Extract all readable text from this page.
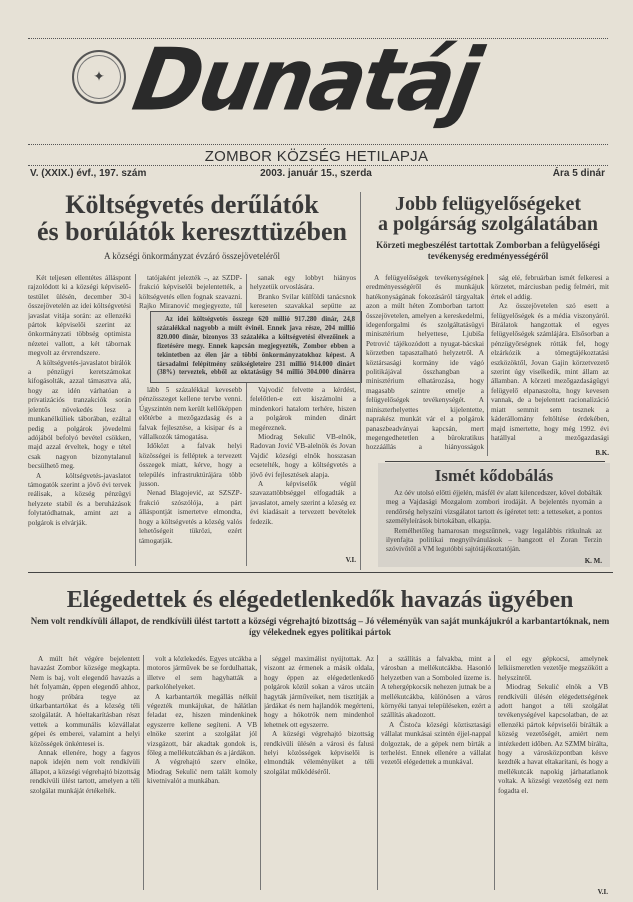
✦ Dunatáj
ZOMBOR KÖZSÉG HETILAPJA
V. (XXIX.) évf., 197. szám	2003. január 15., szerda	Ára 5 dinár
Költségvetés derűlátók
és borúlátók kereszttüzében
A községi önkormányzat évzáró összejöveteléről

Két teljesen ellentétes álláspont rajzolódott ki a községi képviselő-testület ülésén, december 30-i összejövetelén az idei költségvetési javaslat vitája során: az ellenzéki pártok képviselői szerint az önkormányzati többség optimista nézetei vallott, a két tábornak megvolt az érvrendszere.

A költségvetés-javaslatot bírálók a pénzügyi keretszámokat kifogásolták, azzal támasztva alá, hogy az idén várhatóan a privatizációs tranzakciók során jelentős növekedés lesz a munkanélküliek táborában, ezáltal pedig a polgárok jövedelmi adójából befolyó bevétel csökken, majd azzal érveltek, hogy e tétel csak nagyon bizonytalanul becsülhető meg.

A költségvetés-javaslatot támogatók szerint a jövő évi tervek reálisak, a község pénzügyi helyzete stabil és a beruházások folytatódhatnak, amint azt a polgárok is elvárják.

tatójaként jelezték –, az SZDP-frakció képviselői bejelentették, a költségvetés ellen fognak szavazni. Rajko Miranović megjegyezte, túl

lább 5 százalékkal kevesebb pénzösszeget kellene tervbe venni. Úgyszintén nem került kellőképpen előtérbe a mezőgazdaság és a falvak fejlesztése, a kisipar és a vállalkozók támogatása.

Időközt a falvak helyi közösségei is felléptek a tervezett összegek miatt, kérve, hogy a település infrastruktúrájára több jusson.

Nenad Blagojević, az SZSZP-frakció szószólója, a párt álláspontját ismertetve elmondta, hogy a költségvetés a község valós lehetőségeit tükrözi, ezért támogatják.

sanak egy lobbyt hiányos helyzetük orvoslására.

Branko Svilar külföldi tanácsnok kereseten szavakkal sepütte az

Vajvodić felvette a kérdést, felelőtlen-e ezt kiszámolni a mindenkori hatalom terhére, hiszen a polgárok minden dinárt megéreznek.

Miodrag Sekulić VB-elnök, Radovan Jović VB-alelnök és Jovan Vajdić községi elnök hosszasan ecsetelték, hogy a költségvetés a jövő évi fejlesztések alapja.

A képviselők végül szavazattöbbséggel elfogadták a javaslatot, amely szerint a község ez évi kiadásait a tervezett bevételek fedezik.

V.I.

Az idei költségvetés összege 620 millió 917.280 dinár, 24,8 százalékkal nagyobb a múlt évinél. Ennek java része, 204 millió 820.000 dinár, bizonyos 33 százaléka a költségvetési élvezőinek a fizetésére megy. Ennek kapcsán megjegyezték, Zombor ebben a tekintetben az élen jár a többi önkormányzatokhoz képest. A társadalmi felépítmény szükségleteire 231 millió 914.000 dinárt (38%) terveztek, ebből az oktatásügy 94 millió 304.000 dinárra

Jobb felügyelőségeket
a polgárság szolgálatában
Körzeti megbeszélést tartottak Zomborban a felügyelőségi tevékenység eredményességéről

A felügyelőségek tevékenységének eredményességéről és munkájuk hatékonyságának fokozásáról tárgyaltak azon a múlt héten Zomborban tartott összejövetelen, amelyen a kereskedelmi, idegenforgalmi és szolgáltatásügyi minisztérium helyettese, Ljubiša Petrović tájékozódott a nyugat-bácskai körzetben tapasztalható helyzetről. A köztársasági kormány ide vágó politikájával összhangban a minisztérium elhatározása, hogy magasabb szintre emelje a felügyelőségek tevékenységét. A miniszterhelyettes kijelentette, naprakész munkát vár el a polgárok panaszbeadványai kapcsán, mert megengedhetetlen a bürokratikus hozzáállás a hiányosságok

ság elé, februárban ismét felkeresi a körzetet, márciusban pedig felméri, mit értek el addig.

Az összejövetelen szó esett a felügyelőségek és a média viszonyáról. Bírálatok hangzottak el egyes felügyelőségek számlájára. Elsősorban a pénzügyőrségnek rótták fel, hogy elzárkózik a tömegtájékoztatási eszközöktől, Jovan Gajin körzetvezető szerint úgy viselkedik, mint állam az államban. A körzeti mezőgazdaságügyi felügyelő elpanaszolta, hogy kevesen vannak, de a bejelentett racionalizáció miatt semmit sem tesznek a káderállomány feltöltése érdekében, majd ismertette, hogy még 1992. évi hatállyal a mezőgazdasági

B.K.
Ismét kődobálás

Az óév utolsó előtti éjjelén, másfél év alatt kilencedszer, kővel dobálták meg a Vajdasági Mozgalom zombori irodáját. A bejelentés nyomán a rendőrség helyszíni vizsgálatot tartott és ígéretet tett: a tetteseket, a pontos személyleírások birtokában, elkapja.

Remélhetőleg hamarosan megszűnnek, vagy legalábbis ritkulnak az ilyenfajta politikai megnyilvánulások – hangzott el Zoran Terzin szóvivőtől a VM legutóbbi sajtótájékoztatóján.

K. M.
Elégedettek és elégedetlenkedők havazás ügyében
Nem volt rendkívüli állapot, de rendkívüli ülést tartott a községi végrehajtó bizottság – Jó véleményük van saját munkájukról a karbantartóknak, nem így vélekednek egyes politikai pártok

A múlt hét végére bejelentett havazást Zombor községe megkapta. Nem is baj, volt elegendő havazás a hét folyamán, éppen elegendő ahhoz, hogy próbára tegye az útkarbantartókat és a község téli szolgálatát. A hóeltakarításban részt vettek a kommunális közvállalat gépei és emberei, valamint a helyi közösségek önkéntesei is.

Annak ellenére, hogy a fagyos napok idején nem volt rendkívüli állapot, a községi végrehajtó bizottság rendkívüli ülést tartott, amelyen a téli szolgálat munkáját értékelték.

volt a közlekedés. Egyes utcákba a motoros járművek be se fordulhattak, illetve el sem hagyhatták a parkolóhelyeket.

A karbantartók megállás nélkül végezték munkájukat, de hálátlan feladat ez, hiszen mindenkinek egyszerre kellene segíteni. A VB elnöke szerint a szolgálat jól vizsgázott, bár akadtak gondok is, főleg a mellékutcákban és a járdákon.

A végrehajtó szerv elnöke, Miodrag Sekulić nem talált komoly kivetnivalót a munkában.

séggel maximálist nyújtottak. Az viszont az érmenek a másik oldala, hogy éppen az elégedetlenkedő polgárok közül sokan a város utcáin hagyták járműveiket, nem tisztítják a járdákat és nem hajlandók megérteni, hogy a hókotrók nem mindenhol lehetnek ott egyszerre.

A községi végrehajtó bizottság rendkívüli ülésén a városi és falusi helyi közösségek képviselői is elmondták véleményüket a téli szolgálat működéséről.

a szállítás a falvakba, mint a városban a mellékutcákba. Hasonló helyzetben van a Somboled üzeme is. A tehergépkocsik nehezen jutnak be a mellékutcákba, különösen a város környéki tanyai településeken, ezért a szállítás akadozott.

A Čistoća községi köztisztasági vállalat munkásai szintén éjjel-nappal dolgoztak, de a gépek nem bírták a terhelést. Ennek ellenére a vállalat vezetői elégedettek a munkával.

el egy gépkocsi, amelynek lelkiismeretlen vezetője megszökött a helyszínről.

Miodrag Sekulić elnök a VB rendkívüli ülésén elégedettségének adott hangot a téli szolgálat tevékenységével kapcsolatban, de az ellenzéki pártok képviselői bírálták a község vezetőségét, amiért nem intézkedett időben. Az SZMM bírálta, hogy a városközpontban késve kezdték a havat eltakarítani, és hogy a mellékutcák napokig járhatatlanok voltak. A községi vezetőség ezt nem fogadta el.

V.I.
